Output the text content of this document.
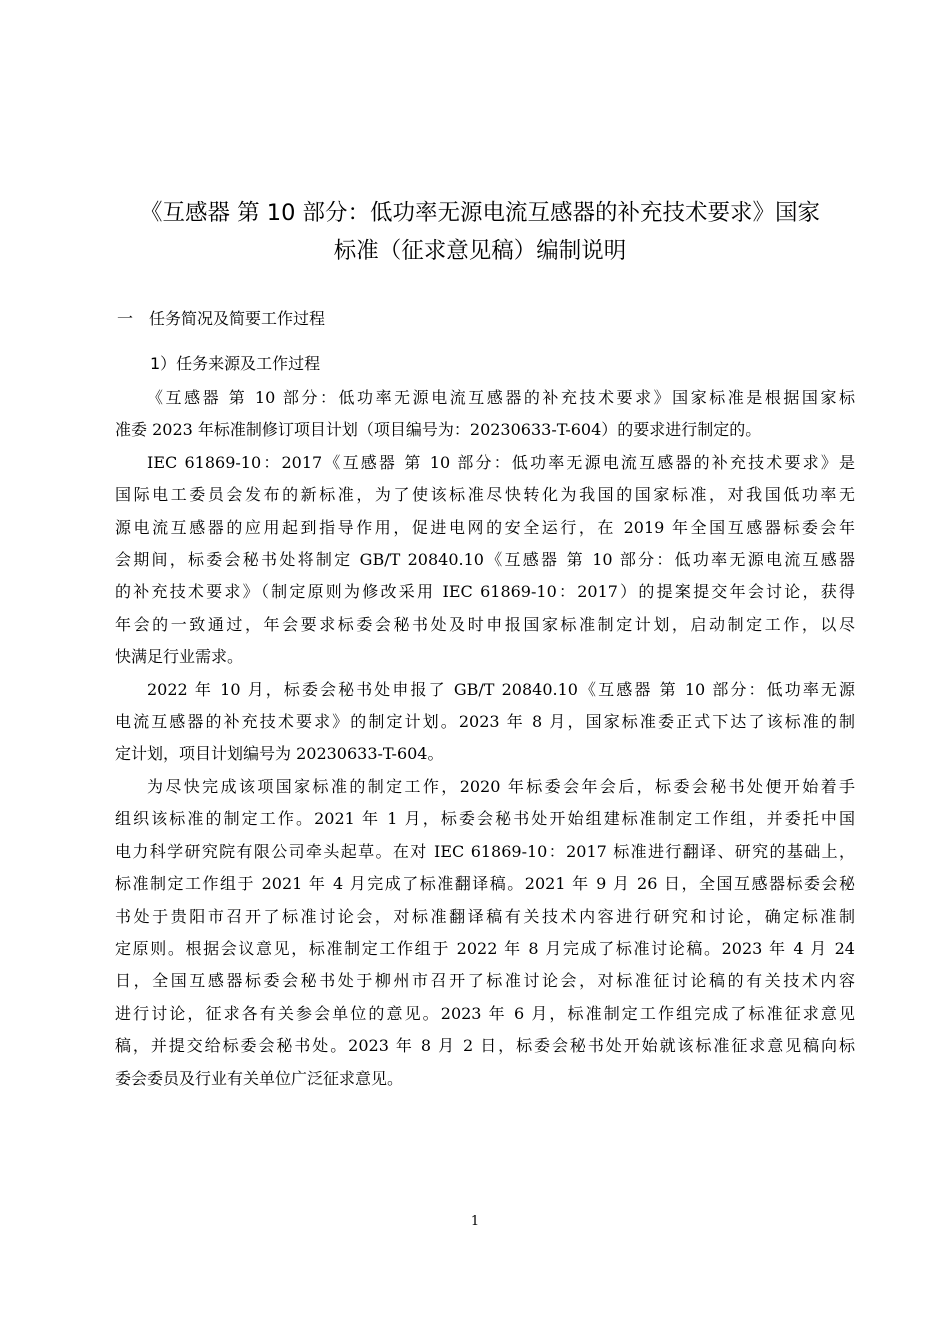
《互感器 第 10 部分：低功率无源电流互感器的补充技术要求》国家
标准（征求意见稿）编制说明
一 任务简况及简要工作过程
1）任务来源及工作过程

《互感器 第 10 部分：低功率无源电流互感器的补充技术要求》国家标准是根据国家标
准委 2023 年标准制修订项目计划（项目编号为：20230633-T-604）的要求进行制定的。

IEC 61869-10：2017《互感器 第 10 部分：低功率无源电流互感器的补充技术要求》是
国际电工委员会发布的新标准，为了使该标准尽快转化为我国的国家标准，对我国低功率无
源电流互感器的应用起到指导作用，促进电网的安全运行，在 2019 年全国互感器标委会年
会期间，标委会秘书处将制定 GB/T 20840.10《互感器 第 10 部分：低功率无源电流互感器
的补充技术要求》（制定原则为修改采用 IEC 61869-10：2017）的提案提交年会讨论，获得
年会的一致通过，年会要求标委会秘书处及时申报国家标准制定计划，启动制定工作，以尽
快满足行业需求。

2022 年 10 月，标委会秘书处申报了 GB/T 20840.10《互感器 第 10 部分：低功率无源
电流互感器的补充技术要求》的制定计划。2023 年 8 月，国家标准委正式下达了该标准的制
定计划，项目计划编号为 20230633-T-604。

为尽快完成该项国家标准的制定工作，2020 年标委会年会后，标委会秘书处便开始着手
组织该标准的制定工作。2021 年 1 月，标委会秘书处开始组建标准制定工作组，并委托中国
电力科学研究院有限公司牵头起草。在对 IEC 61869-10：2017 标准进行翻译、研究的基础上，
标准制定工作组于 2021 年 4 月完成了标准翻译稿。2021 年 9 月 26 日，全国互感器标委会秘
书处于贵阳市召开了标准讨论会，对标准翻译稿有关技术内容进行研究和讨论，确定标准制
定原则。根据会议意见，标准制定工作组于 2022 年 8 月完成了标准讨论稿。2023 年 4 月 24
日，全国互感器标委会秘书处于柳州市召开了标准讨论会，对标准征讨论稿的有关技术内容
进行讨论，征求各有关参会单位的意见。2023 年 6 月，标准制定工作组完成了标准征求意见
稿，并提交给标委会秘书处。2023 年 8 月 2 日，标委会秘书处开始就该标准征求意见稿向标
委会委员及行业有关单位广泛征求意见。

1
